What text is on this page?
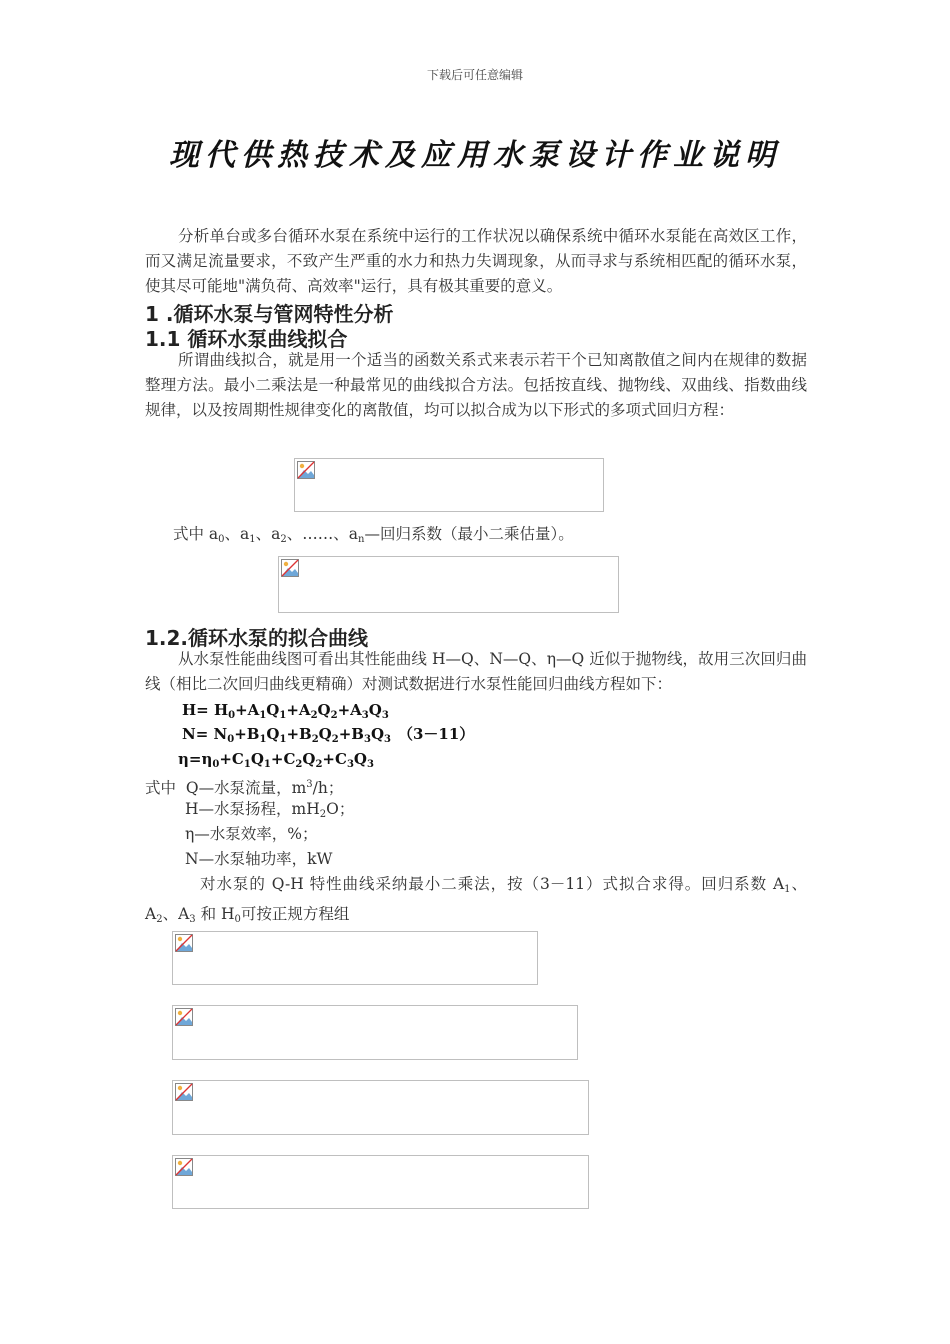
下载后可任意编辑
现代供热技术及应用水泵设计作业说明
分析单台或多台循环水泵在系统中运行的工作状况以确保系统中循环水泵能在高效区工作，而又满足流量要求，不致产生严重的水力和热力失调现象，从而寻求与系统相匹配的循环水泵，使其尽可能地"满负荷、高效率"运行，具有极其重要的意义。
1 .循环水泵与管网特性分析
1.1 循环水泵曲线拟合
所谓曲线拟合，就是用一个适当的函数关系式来表示若干个已知离散值之间内在规律的数据整理方法。最小二乘法是一种最常见的曲线拟合方法。包括按直线、抛物线、双曲线、指数曲线规律，以及按周期性规律变化的离散值，均可以拟合成为以下形式的多项式回归方程：
式中 $a_0$、$a_1$、$a_2$、……、$a_n—$回归系数（最小二乘估量）。
1.2.循环水泵的拟合曲线
从水泵性能曲线图可看出其性能曲线 H—Q、N—Q、η—Q 近似于抛物线，故用三次回归曲线（相比二次回归曲线更精确）对测试数据进行水泵性能回归曲线方程如下：
$H= H_0+A_1Q_1+A_2Q_2+A_3Q_3$
$N= N_0+B_1Q_1+B_2Q_2+B_3Q_3$ （3－11）
$\eta=\eta_0+C_1Q_1+C_2Q_2+C_3Q_3$
式中 Q—水泵流量，$m^3/h$；
H—水泵扬程，$mH_2O$；
η—水泵效率，%；
N—水泵轴功率，kW
对水泵的 Q-H 特性曲线采纳最小二乘法，按（3－11）式拟合求得。回归系数 $A_1$、$A_2$、$A_3$ 和 $H_0$可按正规方程组
